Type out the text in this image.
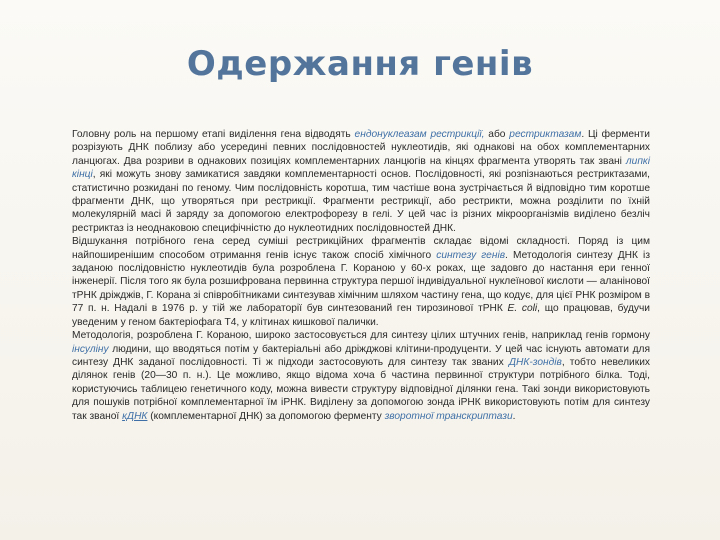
Одержання генів

Головну роль на першому етапі виділення гена відводять ендонуклеазам рестрикції, або рестриктазам. Ці ферменти розрізують ДНК поблизу або усередині певних послідовностей нуклеотидів, які однакові на обох комплементарних ланцюгах. Два розриви в однакових позиціях комплементарних ланцюгів на кінцях фрагмента утворять так звані липкі кінці, які можуть знову замикатися завдяки комплементарності основ. Послідовності, які розпізнаються рестриктазами, статистично розкидані по геному. Чим послідовність коротша, тим частіше вона зустрічається й відповідно тим коротше фрагменти ДНК, що утворяться при рестрикції. Фрагменти рестрикції, або рестрикти, можна розділити по їхній молекулярній масі й заряду за допомогою електрофорезу в гелі. У цей час із різних мікроорганізмів виділено безліч рестриктаз із неоднаковою специфічністю до нуклеотидних послідовностей ДНК.

Відшукання потрібного гена серед суміші рестрикційних фрагментів складає відомі складності. Поряд із цим найпоширенішим способом отримання генів існує також спосіб хімічного синтезу генів. Методологія синтезу ДНК із заданою послідовністю нуклеотидів була розроблена Г. Кораною у 60-х роках, ще задовго до настання ери генної інженерії. Після того як була розшифрована первинна структура першої індивідуальної нуклеїнової кислоти — аланінової тРНК дріжджів, Г. Корана зі співробітниками синтезував хімічним шляхом частину гена, що кодує, для цієї РНК розміром в 77 п. н. Надалі в 1976 р. у тій же лабораторії був синтезований ген тирозинової тРНК E. coli, що працював, будучи уведеним у геном бактеріофага Т4, у клітинах кишкової палички.

Методологія, розроблена Г. Кораною, широко застосовується для синтезу цілих штучних генів, наприклад генів гормону інсуліну людини, що вводяться потім у бактеріальні або дріжджові клітини-продуценти. У цей час існують автомати для синтезу ДНК заданої послідовності. Ті ж підходи застосовують для синтезу так званих ДНК-зондів, тобто невеликих ділянок генів (20—30 п. н.). Це можливо, якщо відома хоча б частина первинної структури потрібного білка. Тоді, користуючись таблицею генетичного коду, можна вивести структуру відповідної ділянки гена. Такі зонди використовують для пошуків потрібної комплементарної їм іРНК. Виділену за допомогою зонда іРНК використовують потім для синтезу так званої кДНК (комплементарної ДНК) за допомогою ферменту зворотної транскриптази.
